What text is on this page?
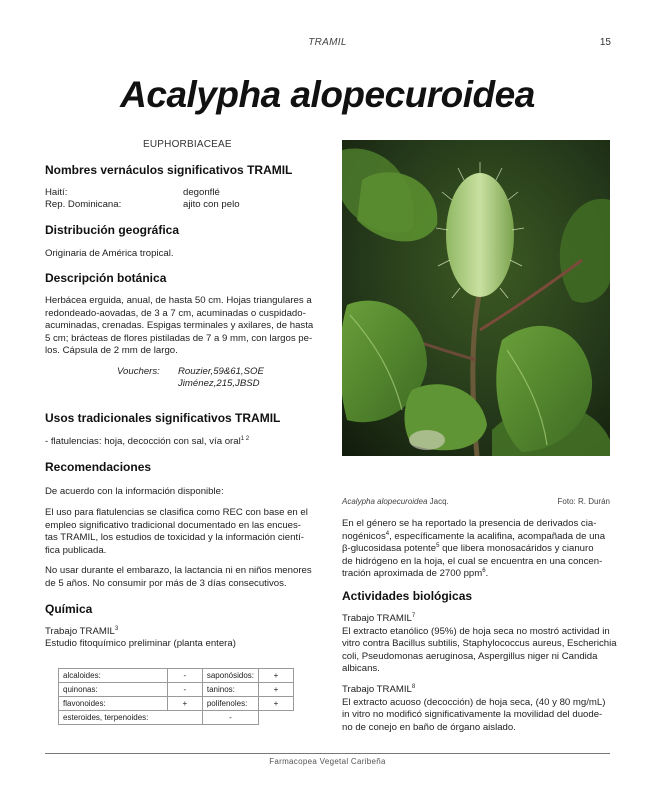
TRAMIL	15
Acalypha alopecuroidea
EUPHORBIACEAE
Nombres vernáculos significativos TRAMIL
Haití:	degonflé
Rep. Dominicana:	ajito con pelo
Distribución geográfica
Originaria de América tropical.
Descripción botánica
Herbácea erguida, anual, de hasta 50 cm. Hojas triangulares a
redondeado-aovadas, de 3 a 7 cm, acuminadas o cuspidado-
acuminadas, crenadas. Espigas terminales y axilares, de hasta
5 cm; brácteas de flores pistiladas de 7 a 9 mm, con largos pe-
los. Cápsula de 2 mm de largo.
Vouchers: Rouzier,59&61,SOE
Jiménez,215,JBSD
Usos tradicionales significativos TRAMIL
- flatulencias: hoja, decocción con sal, vía oral$^{1 2}$
Recomendaciones
De acuerdo con la información disponible:
El uso para flatulencias se clasifica como REC con base en el
empleo significativo tradicional documentado en las encues-
tas TRAMIL, los estudios de toxicidad y la información cientí-
fica publicada.
No usar durante el embarazo, la lactancia ni en niños menores
de 5 años. No consumir por más de 3 días consecutivos.
Química
Trabajo TRAMIL$^3$
Estudio fitoquímico preliminar (planta entera)
alcaloides:	-	saponósidos:	+
quinonas:	-	taninos:	+
flavonoides:	+	polifenoles:	+
esteroides, terpenoides:		-	
Acalypha alopecuroidea Jacq.	Foto: R. Durán
En el género se ha reportado la presencia de derivados cia-
nogénicos$^4$, específicamente la acalifina, acompañada de una
β-glucosidasa potente$^5$ que libera monosacáridos y cianuro
de hidrógeno en la hoja, el cual se encuentra en una concen-
tración aproximada de 2700 ppm$^6$.
Actividades biológicas
Trabajo TRAMIL$^7$
El extracto etanólico (95%) de hoja seca no mostró actividad in
vitro contra Bacillus subtilis, Staphylococcus aureus, Escherichia
coli, Pseudomonas aeruginosa, Aspergillus niger ni Candida
albicans.
Trabajo TRAMIL$^8$
El extracto acuoso (decocción) de hoja seca, (40 y 80 mg/mL)
in vitro no modificó significativamente la movilidad del duode-
no de conejo en baño de órgano aislado.
Farmacopea Vegetal Caribeña
